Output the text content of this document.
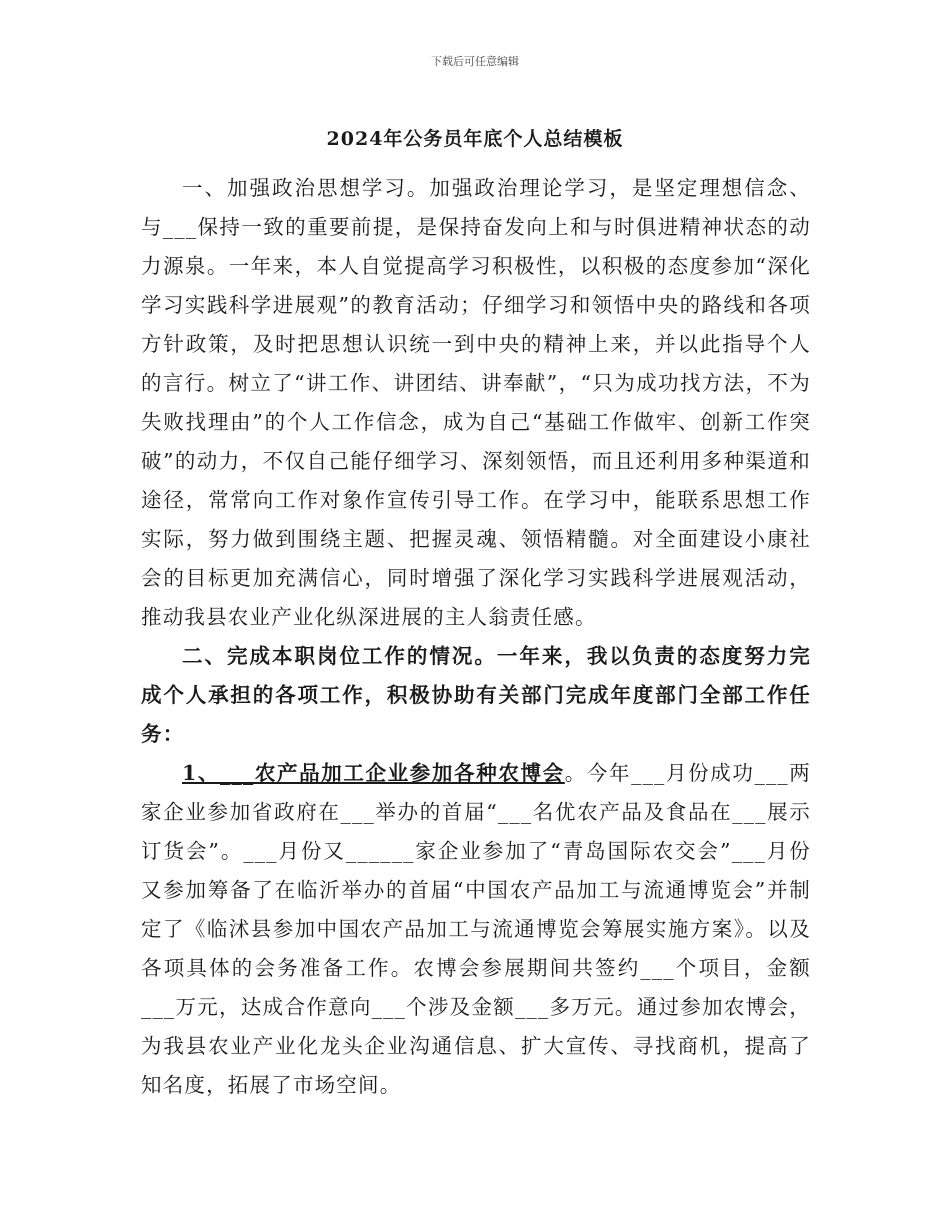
下载后可任意编辑
2024年公务员年底个人总结模板

一、加强政治思想学习。加强政治理论学习，是坚定理想信念、与___保持一致的重要前提，是保持奋发向上和与时俱进精神状态的动力源泉。一年来，本人自觉提高学习积极性，以积极的态度参加“深化学习实践科学进展观”的教育活动；仔细学习和领悟中央的路线和各项方针政策，及时把思想认识统一到中央的精神上来，并以此指导个人的言行。树立了“讲工作、讲团结、讲奉献”，“只为成功找方法，不为失败找理由”的个人工作信念，成为自己“基础工作做牢、创新工作突破”的动力，不仅自己能仔细学习、深刻领悟，而且还利用多种渠道和途径，常常向工作对象作宣传引导工作。在学习中，能联系思想工作实际，努力做到围绕主题、把握灵魂、领悟精髓。对全面建设小康社会的目标更加充满信心，同时增强了深化学习实践科学进展观活动，推动我县农业产业化纵深进展的主人翁责任感。

二、完成本职岗位工作的情况。一年来，我以负责的态度努力完成个人承担的各项工作，积极协助有关部门完成年度部门全部工作任务：

1、___农产品加工企业参加各种农博会。今年___月份成功___两家企业参加省政府在___举办的首届“___名优农产品及食品在___展示订货会”。___月份又______家企业参加了“青岛国际农交会”___月份又参加筹备了在临沂举办的首届“中国农产品加工与流通博览会”并制定了《临沭县参加中国农产品加工与流通博览会筹展实施方案》。以及各项具体的会务准备工作。农博会参展期间共签约___个项目，金额___万元，达成合作意向___个涉及金额___多万元。通过参加农博会，为我县农业产业化龙头企业沟通信息、扩大宣传、寻找商机，提高了知名度，拓展了市场空间。
